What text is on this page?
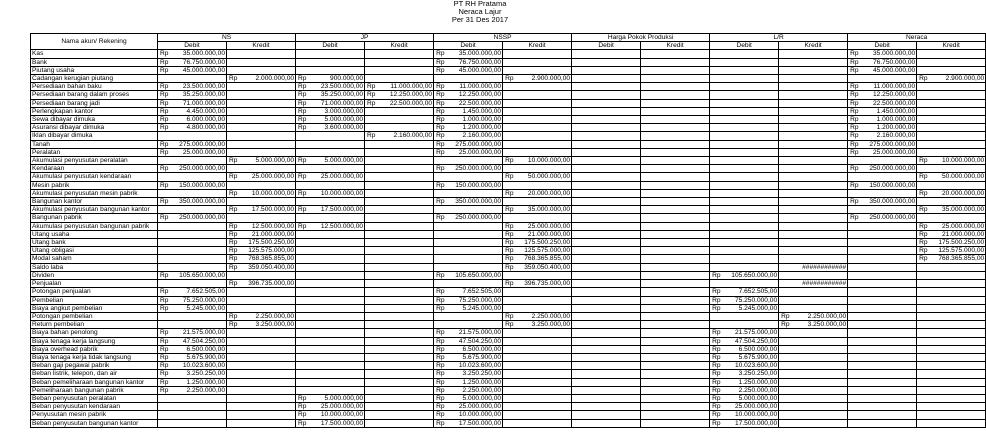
PT RH Pratama
Neraca Lajur
Per 31 Des 2017
Nama akun/ Rekening	NS				JP				NSSP				Harga Pokok Produksi				L/R				Neraca			
	Debit		Kredit		Debit		Kredit		Debit		Kredit		Debit		Kredit		Debit		Kredit		Debit		Kredit	
Kas	Rp	35.000.000,00							Rp	35.000.000,00											Rp	35.000.000,00		
Bank	Rp	76.750.000,00							Rp	76.750.000,00											Rp	76.750.000,00		
Piutang usaha	Rp	45.000.000,00							Rp	45.000.000,00											Rp	45.000.000,00		
Cadangan kerugian piutang			Rp	2.000.000,00	Rp	900.000,00					Rp	2.900.000,00											Rp	2.900.000,00
Persediaan bahan baku	Rp	23.500.000,00			Rp	23.500.000,00	Rp	11.000.000,00	Rp	11.000.000,00											Rp	11.000.000,00		
Persediaan barang dalam proses	Rp	35.250.000,00			Rp	35.250.000,00	Rp	12.250.000,00	Rp	12.250.000,00											Rp	12.250.000,00		
Persediaan barang jadi	Rp	71.000.000,00			Rp	71.000.000,00	Rp	22.500.000,00	Rp	22.500.000,00											Rp	22.500.000,00		
Perlengkapan kantor	Rp	4.450.000,00			Rp	3.000.000,00			Rp	1.450.000,00											Rp	1.450.000,00		
Sewa dibayar dimuka	Rp	6.000.000,00			Rp	5.000.000,00			Rp	1.000.000,00											Rp	1.000.000,00		
Asuransi dibayar dimuka	Rp	4.800.000,00			Rp	3.600.000,00			Rp	1.200.000,00											Rp	1.200.000,00		
Iklan dibayar dimuka							Rp	2.160.000,00	Rp	2.160.000,00											Rp	2.160.000,00		
Tanah	Rp	275.000.000,00							Rp	275.000.000,00											Rp	275.000.000,00		
Peralatan	Rp	25.000.000,00							Rp	25.000.000,00											Rp	25.000.000,00		
Akumulasi penyusutan peralatan			Rp	5.000.000,00	Rp	5.000.000,00					Rp	10.000.000,00											Rp	10.000.000,00
Kendaraan	Rp	250.000.000,00							Rp	250.000.000,00											Rp	250.000.000,00		
Akumulasi penyusutan kendaraan			Rp	25.000.000,00	Rp	25.000.000,00					Rp	50.000.000,00											Rp	50.000.000,00
Mesin pabrik	Rp	150.000.000,00							Rp	150.000.000,00											Rp	150.000.000,00		
Akumulasi penyusutan mesin pabrik			Rp	10.000.000,00	Rp	10.000.000,00					Rp	20.000.000,00											Rp	20.000.000,00
Bangunan kantor	Rp	350.000.000,00							Rp	350.000.000,00											Rp	350.000.000,00		
Akumulasi penyusutan bangunan kantor			Rp	17.500.000,00	Rp	17.500.000,00					Rp	35.000.000,00											Rp	35.000.000,00
Bangunan pabrik	Rp	250.000.000,00							Rp	250.000.000,00											Rp	250.000.000,00		
Akumulasi penyusutan bangunan pabrik			Rp	12.500.000,00	Rp	12.500.000,00					Rp	25.000.000,00											Rp	25.000.000,00
Utang usaha			Rp	21.000.000,00							Rp	21.000.000,00											Rp	21.000.000,00
Utang bank			Rp	175.500.250,00							Rp	175.500.250,00											Rp	175.500.250,00
Utang obligasi			Rp	125.575.000,00							Rp	125.575.000,00											Rp	125.575.000,00
Modal saham			Rp	768.365.855,00							Rp	768.365.855,00											Rp	768.365.855,00
Saldo laba			Rp	359.050.400,00							Rp	359.050.400,00							############					
Dividen	Rp	105.650.000,00							Rp	105.650.000,00							Rp	105.650.000,00						
Penjualan			Rp	396.735.000,00							Rp	396.735.000,00							############					
Potongan penjualan	Rp	7.652.505,00							Rp	7.652.505,00							Rp	7.652.505,00						
Pembelian	Rp	75.250.000,00							Rp	75.250.000,00							Rp	75.250.000,00						
Biaya angkut pembelian	Rp	5.245.000,00							Rp	5.245.000,00							Rp	5.245.000,00						
Potongan pembelian			Rp	2.250.000,00							Rp	2.250.000,00							Rp	2.250.000,00				
Return pembelian			Rp	3.250.000,00							Rp	3.250.000,00							Rp	3.250.000,00				
Biaya bahan penolong	Rp	21.575.000,00							Rp	21.575.000,00							Rp	21.575.000,00						
Biaya tenaga kerja langsung	Rp	47.504.250,00							Rp	47.504.250,00							Rp	47.504.250,00						
Biaya overhead pabrik	Rp	6.500.000,00							Rp	6.500.000,00							Rp	6.500.000,00						
Biaya tenaga kerja tidak langsung	Rp	5.675.900,00							Rp	5.675.900,00							Rp	5.675.900,00						
Beban gaji pegawai pabrik	Rp	10.023.600,00							Rp	10.023.600,00							Rp	10.023.600,00						
Beban listrik, telepon, dan air	Rp	3.250.250,00							Rp	3.250.250,00							Rp	3.250.250,00						
Beban pemeliharaan bangunan kantor	Rp	1.250.000,00							Rp	1.250.000,00							Rp	1.250.000,00						
Pemeliharaan bangunan pabrik	Rp	2.250.000,00							Rp	2.250.000,00							Rp	2.250.000,00						
Beban penyusutan peralatan					Rp	5.000.000,00			Rp	5.000.000,00							Rp	5.000.000,00						
Beban penyusutan kendaraan					Rp	25.000.000,00			Rp	25.000.000,00							Rp	25.000.000,00						
Penyusutan mesin pabrik					Rp	10.000.000,00			Rp	10.000.000,00							Rp	10.000.000,00						
Beban penyusutan bangunan kantor					Rp	17.500.000,00			Rp	17.500.000,00							Rp	17.500.000,00						
